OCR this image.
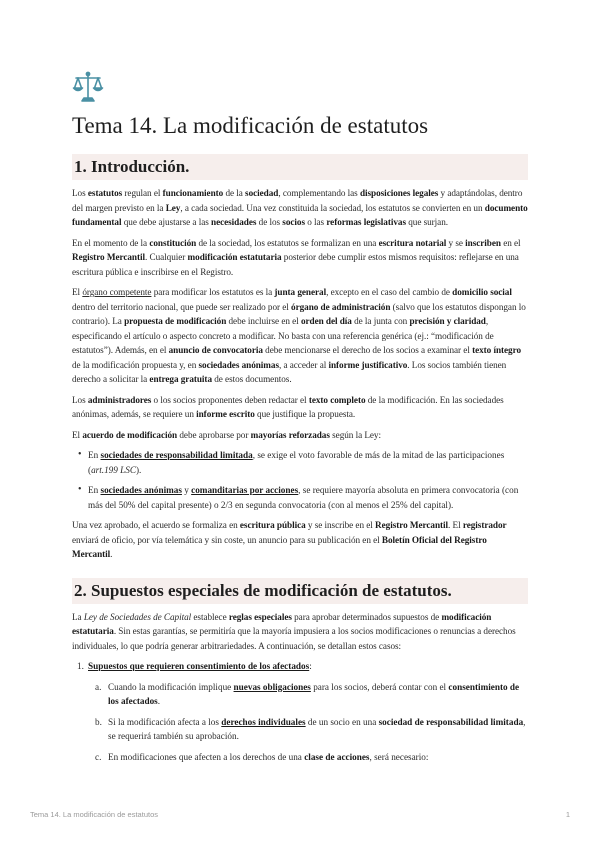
Tema 14. La modificación de estatutos
1. Introducción.

Los estatutos regulan el funcionamiento de la sociedad, complementando las disposiciones legales y adaptándolas, dentro del margen previsto en la Ley, a cada sociedad. Una vez constituida la sociedad, los estatutos se convierten en un documento fundamental que debe ajustarse a las necesidades de los socios o las reformas legislativas que surjan.

En el momento de la constitución de la sociedad, los estatutos se formalizan en una escritura notarial y se inscriben en el Registro Mercantil. Cualquier modificación estatutaria posterior debe cumplir estos mismos requisitos: reflejarse en una escritura pública e inscribirse en el Registro.

El órgano competente para modificar los estatutos es la junta general, excepto en el caso del cambio de domicilio social dentro del territorio nacional, que puede ser realizado por el órgano de administración (salvo que los estatutos dispongan lo contrario). La propuesta de modificación debe incluirse en el orden del día de la junta con precisión y claridad, especificando el artículo o aspecto concreto a modificar. No basta con una referencia genérica (ej.: “modificación de estatutos”). Además, en el anuncio de convocatoria debe mencionarse el derecho de los socios a examinar el texto íntegro de la modificación propuesta y, en sociedades anónimas, a acceder al informe justificativo. Los socios también tienen derecho a solicitar la entrega gratuita de estos documentos.

Los administradores o los socios proponentes deben redactar el texto completo de la modificación. En las sociedades anónimas, además, se requiere un informe escrito que justifique la propuesta.

El acuerdo de modificación debe aprobarse por mayorías reforzadas según la Ley:

• En sociedades de responsabilidad limitada, se exige el voto favorable de más de la mitad de las participaciones (art.199 LSC).
• En sociedades anónimas y comanditarias por acciones, se requiere mayoría absoluta en primera convocatoria (con más del 50% del capital presente) o 2/3 en segunda convocatoria (con al menos el 25% del capital).

Una vez aprobado, el acuerdo se formaliza en escritura pública y se inscribe en el Registro Mercantil. El registrador enviará de oficio, por vía telemática y sin coste, un anuncio para su publicación en el Boletín Oficial del Registro Mercantil.

2. Supuestos especiales de modificación de estatutos.

La Ley de Sociedades de Capital establece reglas especiales para aprobar determinados supuestos de modificación estatutaria. Sin estas garantías, se permitiría que la mayoría impusiera a los socios modificaciones o renuncias a derechos individuales, lo que podría generar arbitrariedades. A continuación, se detallan estos casos:

1. Supuestos que requieren consentimiento de los afectados:
a. Cuando la modificación implique nuevas obligaciones para los socios, deberá contar con el consentimiento de los afectados.
b. Si la modificación afecta a los derechos individuales de un socio en una sociedad de responsabilidad limitada, se requerirá también su aprobación.
c. En modificaciones que afecten a los derechos de una clase de acciones, será necesario:
Tema 14. La modificación de estatutos	1
